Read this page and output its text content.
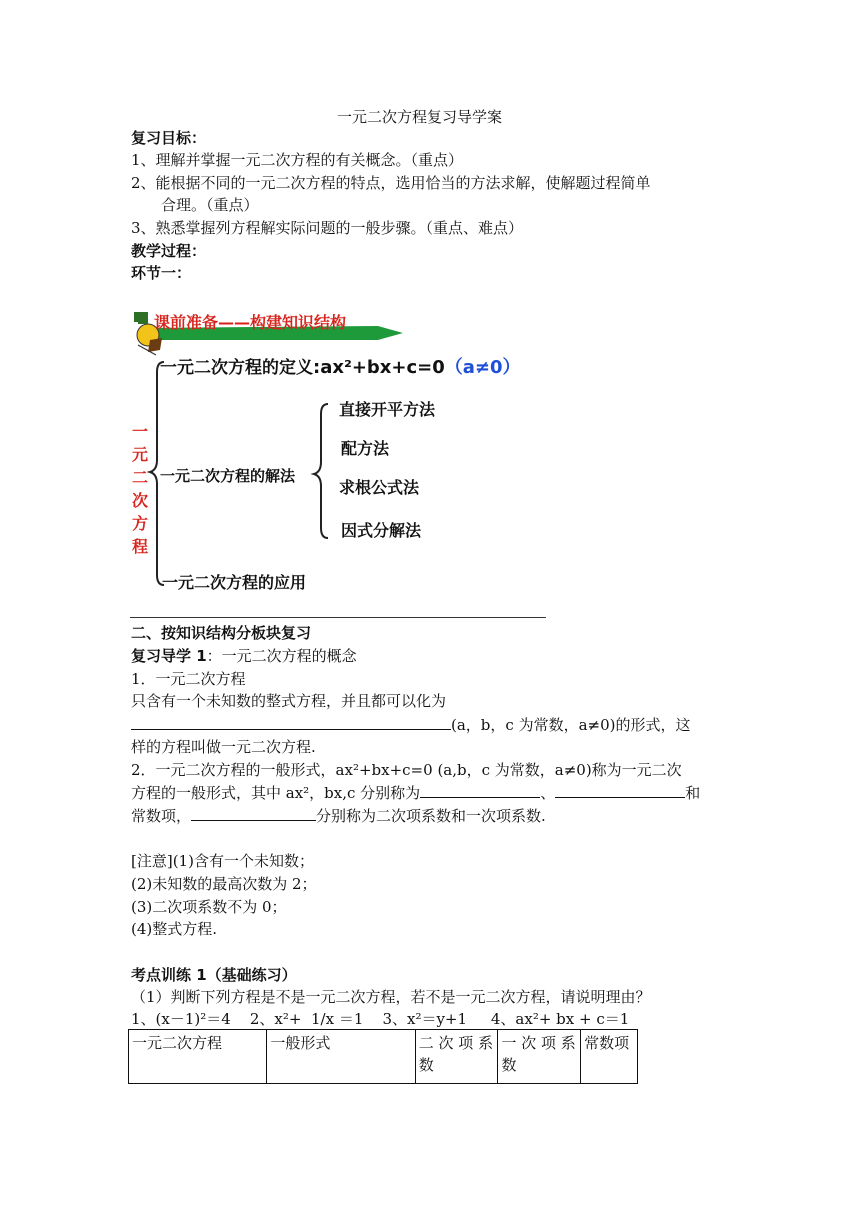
一元二次方程复习导学案
复习目标：
1、理解并掌握一元二次方程的有关概念。（重点）
2、能根据不同的一元二次方程的特点，选用恰当的方法求解，使解题过程简单
合理。（重点）
3、熟悉掌握列方程解实际问题的一般步骤。（重点、难点）
教学过程：
环节一：
课前准备——构建知识结构
一元二次方程
一元二次方程的定义:ax²+bx+c=0（a≠0）
一元二次方程的解法
直接开平方法
配方法
求根公式法
因式分解法
一元二次方程的应用
二、按知识结构分板块复习
复习导学 1：一元二次方程的概念
1．一元二次方程
只含有一个未知数的整式方程，并且都可以化为
(a，b，c 为常数，a≠0)的形式，这
样的方程叫做一元二次方程.
2．一元二次方程的一般形式，ax²+bx+c=0 (a,b，c 为常数，a≠0)称为一元二次
方程的一般形式，其中 ax²，bx,c 分别称为	、	和
常数项，	分别称为二次项系数和一次项系数.
[注意](1)含有一个未知数；
(2)未知数的最高次数为 2；
(3)二次项系数不为 0；
(4)整式方程.
考点训练 1（基础练习）
（1）判断下列方程是不是一元二次方程，若不是一元二次方程，请说明理由？
1、(x－1)²＝4    2、x²+  1/x ＝1    3、x²＝y+1     4、ax²+ bx + c＝1
一元二次方程	一般形式	二 次 项 系数	一 次 项 系数	常数项
